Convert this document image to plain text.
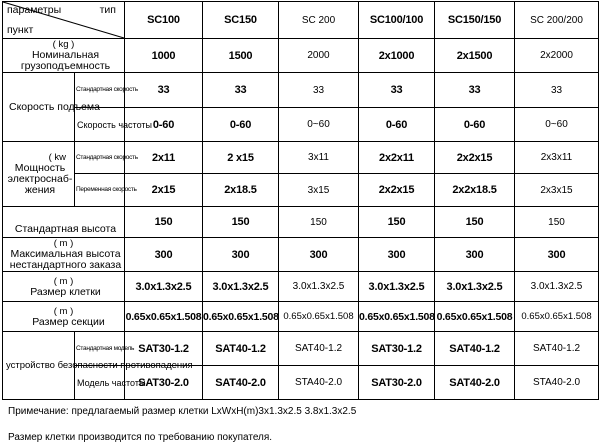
параметры тип
пункт		SC100	SC150	SC 200	SC100/100	SC150/150	SC 200/200

( kg )
Номинальная грузоподъемность		1000	1500	2000	2x1000	2x1500	2x2000
Скорость подъема	Стандартная скорость	33	33	33	33	33	33
	Скорость частоты	0-60	0-60	0~60	0-60	0-60	0~60

( kw
Мощность электроснаб- жения	Стандартная скорость	2x11	2 x15	3x11	2x2x11	2x2x15	2x3x11
	Переменная скорость	2x15	2x18.5	3x15	2x2x15	2x2x18.5	2x3x15
Стандартная высота		150	150	150	150	150	150

( m )
Максимальная высота нестандартного заказа		300	300	300	300	300	300

( m )
Размер клетки		3.0x1.3x2.5	3.0x1.3x2.5	3.0x1.3x2.5	3.0x1.3x2.5	3.0x1.3x2.5	3.0x1.3x2.5

( m )
Размер секции		0.65x0.65x1.508	0.65x0.65x1.508	0.65x0.65x1.508	0.65x0.65x1.508	0.65x0.65x1.508	0.65x0.65x1.508
устройство безопасности противопадения	Стандартная модель	SAT30-1.2	SAT40-1.2	SAT40-1.2	SAT30-1.2	SAT40-1.2	SAT40-1.2
	Модель частоты	SAT30-2.0	SAT40-2.0	STA40-2.0	SAT30-2.0	SAT40-2.0	STA40-2.0
Примечание: предлагаемый размер клетки LxWxH(m)3x1.3x2.5 3.8x1.3x2.5
Размер клетки производится по требованию покупателя.
